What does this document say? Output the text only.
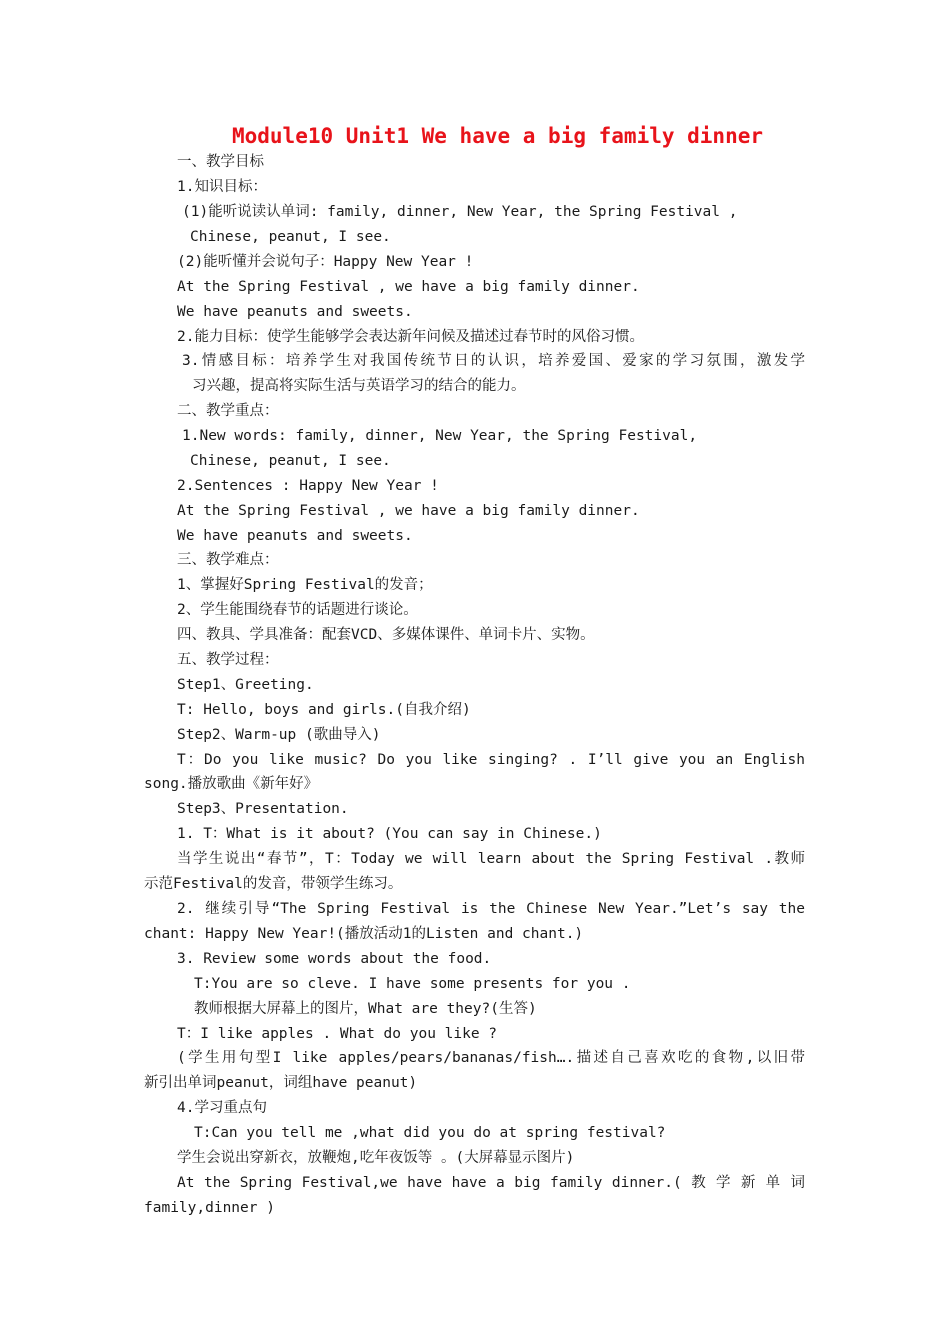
Module10 Unit1 We have a big family dinner
一、教学目标
1.知识目标：
(1)能听说读认单词: family, dinner, New Year, the Spring Festival ,
Chinese, peanut, I see.
(2)能听懂并会说句子：Happy New Year !
At the Spring Festival , we have a big family dinner.
We have peanuts and sweets.
2.能力目标：使学生能够学会表达新年问候及描述过春节时的风俗习惯。
3.情感目标：培养学生对我国传统节日的认识，培养爱国、爱家的学习氛围，激发学
习兴趣，提高将实际生活与英语学习的结合的能力。
二、教学重点：
1.New words: family, dinner, New Year, the Spring Festival,
Chinese, peanut, I see.
2.Sentences : Happy New Year !
At the Spring Festival , we have a big family dinner.
We have peanuts and sweets.
三、教学难点：
1、掌握好Spring Festival的发音；
2、学生能围绕春节的话题进行谈论。
四、教具、学具准备：配套VCD、多媒体课件、单词卡片、实物。
五、教学过程：
Step1、Greeting.
T: Hello, boys and girls.(自我介绍)
Step2、Warm-up (歌曲导入)
T：Do you like music? Do you like singing? . I’ll give you an English
song.播放歌曲《新年好》
Step3、Presentation.
1. T：What is it about? (You can say in Chinese.)
当学生说出“春节”，T：Today we will learn about the Spring Festival .教师
示范Festival的发音，带领学生练习。
2. 继续引导“The Spring Festival is the Chinese New Year.”Let’s say the
chant: Happy New Year!(播放活动1的Listen and chant.)
3. Review some words about the food.
T:You are so cleve. I have some presents for you .
教师根据大屏幕上的图片，What are they?(生答)
T：I like apples . What do you like ?
(学生用句型I like apples/pears/bananas/fish….描述自己喜欢吃的食物,以旧带
新引出单词peanut，词组have peanut)
4.学习重点句
T:Can you tell me ,what did you do at spring festival?
学生会说出穿新衣，放鞭炮,吃年夜饭等 。(大屏幕显示图片)
At the Spring Festival,we have have a big family dinner.( 教 学 新 单 词
family,dinner )
